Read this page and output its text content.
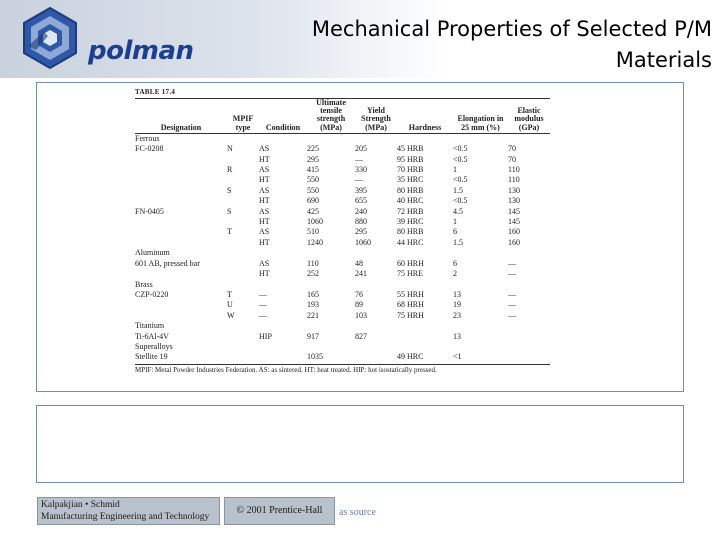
polman
Mechanical Properties of Selected P/M Materials
TABLE 17.4
Designation	MPIF type	Condition	Ultimate tensile strength (MPa)	Yield Strength (MPa)	Hardness	Elongation in 25 mm (%)	Elastic modulus (GPa)
Ferrous							
FC-0208	N	AS	225	205	45 HRB	<0.5	70
		HT	295	—	95 HRB	<0.5	70
	R	AS	415	330	70 HRB	1	110
		HT	550	—	35 HRC	<0.5	110
	S	AS	550	395	80 HRB	1.5	130
		HT	690	655	40 HRC	<0.5	130
FN-0405	S	AS	425	240	72 HRB	4.5	145
		HT	1060	880	39 HRC	1	145
	T	AS	510	295	80 HRB	6	160
		HT	1240	1060	44 HRC	1.5	160
Aluminum							
601 AB, pressed bar		AS	110	48	60 HRH	6	—
		HT	252	241	75 HRE	2	—
Brass							
CZP-0220	T	—	165	76	55 HRH	13	—
	U	—	193	89	68 HRH	19	—
	W	—	221	103	75 HRH	23	—
Titanium							
Ti-6Al-4V		HIP	917	827		13	
Superalloys							
Stellite 19			1035		49 HRC	<1	
MPIF: Metal Powder Industries Federation. AS: as sintered. HT: heat treated. HIP: hot isostatically pressed.
Kalpakjian • Schmid
Manufacturing Engineering and Technology
© 2001 Prentice-Hall	as source
